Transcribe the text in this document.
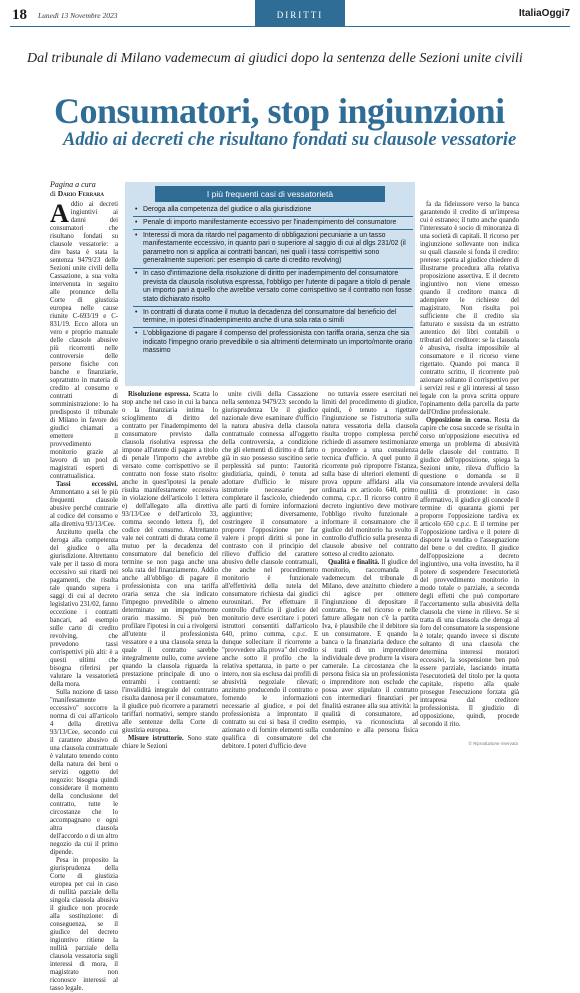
18 Lunedì 13 Novembre 2023	DIRITTI	ItaliaOggi7
Dal tribunale di Milano vademecum ai giudici dopo la sentenza delle Sezioni unite civili
Consumatori, stop ingiunzioni
Addio ai decreti che risultano fondati su clausole vessatorie
Pagina a cura
di Dario Ferrara
A ddio ai decreti ingiuntivi ai danni dei consumatori che risultano fondati su clausole vessatorie: a dire basta è stata la sentenza 9479/23 delle Sezioni unite civili della Cassazione, a sua volta intervenuta in seguito alle pronunce della Corte di giustizia europea nelle cause riunite C-693/19 e C-831/19. Ecco allora un vero e proprio manuale delle clausole abusive più ricorrenti nelle controversie delle persone fisiche con banche e finanziarie, soprattutto in materia di credito al consumo e contratti di somministrazione: lo ha predisposto il tribunale di Milano in favore dei giudici chiamati a emettere il provvedimento monitorio grazie al lavoro di un pool di magistrati esperti di contrattualistica.

Tassi eccessivi. Ammontano a sei le più frequenti clausole abusive perché contrarie al codice del consumo e alla direttiva 93/13/Cee.

Anzitutto quella che deroga alla competenza del giudice o alla giurisdizione. Altrettanto vale per il tasso di mora eccessivo sui ritardi nei pagamenti, che risulta tale quando supera i saggi di cui al decreto legislativo 231/02, fanno eccezione i contratti bancari, ad esempio sulle carte di credito revolving, che prevedono tassi corrispettivi più alti: è a questi ultimi che bisogna riferirsi per valutare la vessatorietà della mora.

Sulla nozione di tasso "manifestamente eccessivo" soccorre la norma di cui all'articolo 4 della direttiva 93/13/Cee, secondo cui il carattere abusivo di una clausola contrattuale è valutato tenendo conto della natura dei beni o servizi oggetto del negozio: bisogna quindi considerare il momento della conclusione del contratto, tutte le circostanze che lo accompagnano e ogni altra clausola dell'accordo o di un altro negozio da cui il primo dipende.

Pesa in proposito la giurisprudenza della Corte di giustizia europea per cui in caso di nullità parziale della singola clausola abusiva il giudice non procede alla sostituzione: di conseguenza, se il giudice del decreto ingiuntivo ritiene la nullità parziale della clausola vessatoria sugli interessi di mora, il magistrato non riconosce interessi al tasso legale.

Risoluzione espressa. Scatta lo stop anche nel caso in cui la banca o la finanziaria intima lo scioglimento di diritto del contratto per l'inadempimento del consumatore previsto dalla clausola risolutiva espressa che impone all'utente di pagare a titolo di penale l'importo che avrebbe versato come corrispettivo se il contratto non fosse stato risolto: anche in quest'ipotesi la penale risulta manifestamente eccessiva in violazione dell'articolo 1 lettera e) dell'allegato alla direttiva 93/13/Cee e dell'articolo 33, comma secondo lettera f), del codice del consumo. Altrettanto vale nei contratti di durata come il mutuo per la decadenza del consumatore dal beneficio del termine se non paga anche una sola rata del finanziamento. Addio anche all'obbligo di pagare il professionista con una tariffa oraria senza che sia indicato l'impegno prevedibile o almeno determinato un impegno/monte orario massimo. Si può ben profilare l'ipotesi in cui a rivolgersi all'utente il professionista vessatore e a una clausola senza la quale il contratto sarebbe integralmente nullo, come avviene quando la clausola riguarda la prestazione principale di uno o entrambi i contraenti: se l'invalidità integrale del contratto risulta dannosa per il consumatore, il giudice può ricorrere a parametri tariffari normativi, sempre stando alle sentenze della Corte di giustizia europea.

Misure istruttorie. Sono state chiare le Sezioni

unite civili della Cassazione nella sentenza 9479/23: secondo la giurisprudenza Ue il giudice nazionale deve esaminare d'ufficio la natura abusiva della clausola contrattuale connessa all'oggetto della controversia, a condizione che gli elementi di diritto e di fatto già in suo possesso suscitino serie perplessità sul punto: l'autorità giudiziaria, quindi, è tenuta ad adottare d'ufficio le misure istruttorie necessarie per completare il fascicolo, chiedendo alle parti di fornire informazioni aggiuntive; diversamente, costringere il consumatore a proporre l'opposizione per far valere i propri diritti si pone in contrasto con il principio del rilievo d'ufficio del carattere abusivo delle clausole contrattuali, che anche nel procedimento monitorio è funzionale all'effettività della tutela del consumatore richiesta dai giudici eurounitari. Per effettuare il controllo d'ufficio il giudice del monitorio deve esercitare i poteri istruttori consentiti dall'articolo 640, primo comma, c.p.c. E dunque sollecitare il ricorrente a "provvedere alla prova" del credito anche sotto il profilo che la relativa spettanza, in parte o per intero, non sia esclusa dai profili di abusività negoziale rilevati; anzitutto producendo il contratto e fornendo le informazioni necessarie al giudice, e poi del professionista a improntato il contratto su cui si basa il credito azionato e di fornire elementi sulla qualifica di consumatore del debitore. I poteri d'ufficio deve

no tuttavia essere esercitati nei limiti del procedimento di giudice, quindi, è tenuto a rigettare l'ingiunzione se l'istruttoria sulla natura vessatoria della clausola risulta troppo complessa perché richiede di assumere testimonianze o procedere a una consulenza tecnica d'ufficio. A quel punto il ricorrente può riproporre l'istanza, sulla base di ulteriori elementi di prova oppure affidarsi alla via ordinaria ex articolo 640, primo comma, c.p.c. Il ricorso contro il decreto ingiuntivo deve motivare l'obbligo rivolto funzionale a informare il consumatore che il giudice del monitorio ha svolto il controllo d'ufficio sulla presenza di clausole abusive nel contratto sotteso al credito azionato.

Qualità e finalità. Il giudice del monitorio, raccomanda il vademecum del tribunale di Milano, deve anzitutto chiedere a chi agisce per ottenere l'ingiunzione di depositare il contratto. Se nel ricorso e nelle fatture allegate non c'è la partita Iva, è plausibile che il debitore sia un consumatore. E quando la banca o la finanziaria deduce che si tratti di un imprenditore individuale deve produrre la visura camerale. La circostanza che la persona fisica sia un professionista o imprenditore non esclude che possa aver stipulato il contratto con intermediari finanziari per finalità estranee alla sua attività: la qualità di consumatore, ad esempio, va riconosciuta al condomino e alla persona fisica che

fa da fideiussore verso la banca garantendo il credito di un'impresa cui è estraneo; il tutto anche quando l'interessato è socio di minoranza di una società di capitali. Il ricorso per ingiunzione sollevante non indica su quali clausole si fonda il credito: pretese: spetta al giudice chiedere di illustrarne procedura alla relativa proposizione assertiva. E il decreto ingiuntivo non viene emesso quando il creditore manca di adempiere le richieste del magistrato. Non risulta poi sufficiente che il credito sia fatturato e sussista da un estratto autentico dei libri contabili o tributari del creditore: se la clausola è abusiva, risulta impossibile al consumatore e il ricorso viene rigettato. Quando poi manca il contratto scritto, il ricorrente può azionare soltanto il corrispettivo per i servizi resi e gli interessi al tasso legale con la prova scritta oppure l'opinamento della parcella da parte dell'Ordine professionale.

Opposizione in corso. Resta da capire che cosa succede se risulta in corso un'opposizione esecutiva ed emerga un problema di abusività delle clausole del contratto. Il giudice dell'opposizione, spiega la Sezioni unite, rileva d'ufficio la questione e domanda se il consumatore intende avvalersi della nullità di protezione: in caso affermativo, il giudice gli concede il termine di quaranta giorni per proporre l'opposizione tardiva ex articolo 650 c.p.c. E il termine per l'opposizione tardiva e il potere di disporre la vendita o l'assegnazione del bene o del credito. Il giudice dell'opposizione a decreto ingiuntivo, una volta investito, ha il potere di sospendere l'esecutorietà del provvedimento monitorio in modo totale o parziale, a seconda degli effetti che può comportare l'accertamento sulla abusività della clausola che viene in rilievo. Se si tratta di una clausola che deroga al foro del consumatore la sospensione è totale; quando invece si discute soltanto di una clausola che determina interessi moratori eccessivi, la sospensione ben può essere parziale, lasciando intatta l'esecutorietà del titolo per la quota capitale, rispetto alla quale prosegue l'esecuzione forzata già intrapresa dal creditore professionista. Il giudizio di opposizione, quindi, procede secondo il rito.

I più frequenti casi di vessatorietà
• Deroga alla competenza del giudice o alla giurisdizione
• Penale di importo manifestamente eccessivo per l'inadempimento del consumatore
• Interessi di mora da ritardo nel pagamento di obbligazioni pecuniarie a un tasso manifestamente eccessivo, in quanto pari o superiore al saggio di cui al dlgs 231/02 (il parametro non si applica ai contratti bancari, nei quali i tassi corrispettivi sono generalmente superiori: per esempio di carte di credito revolving)
• In caso d'intimazione della risoluzione di diritto per inadempimento del consumatore prevista da clausola risolutiva espressa, l'obbligo per l'utente di pagare a titolo di penale un importo pari a quello che avrebbe versato come corrispettivo se il contratto non fosse stato dichiarato risolto
• In contratti di durata come il mutuo la decadenza del consumatore dal beneficio del termine, in ipotesi d'inadempimento anche di una sola rata o simili
• L'obbligazione di pagare il compenso del professionista con tariffa oraria, senza che sia indicato l'impegno orario prevedibile o sia altrimenti determinato un importo/monte orario massimo
© Riproduzione riservata
